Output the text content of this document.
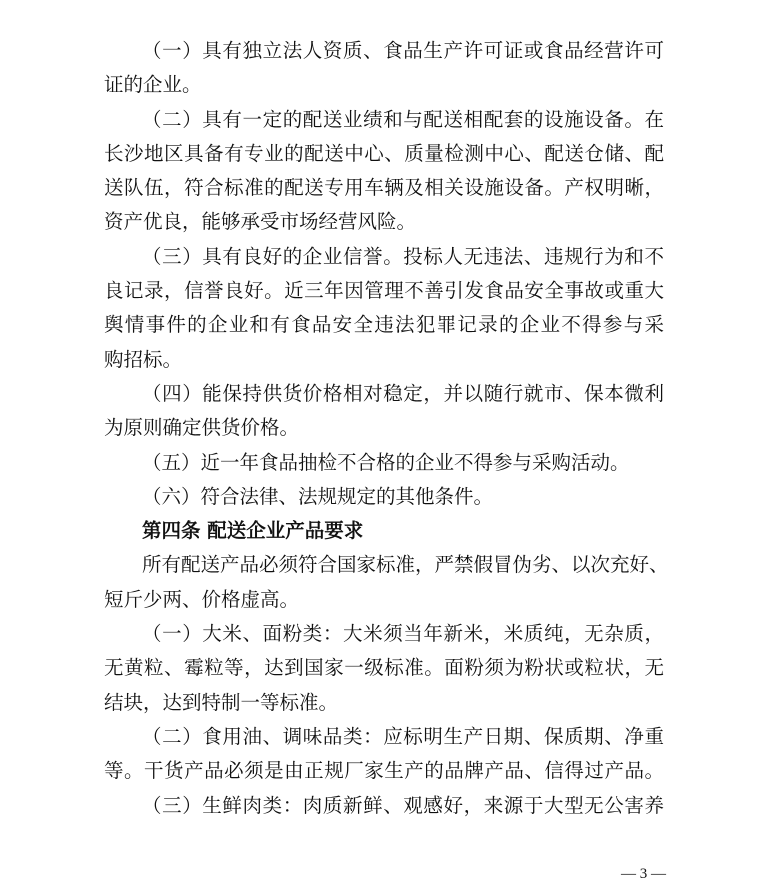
（一）具有独立法人资质、食品生产许可证或食品经营许可
证的企业。
（二）具有一定的配送业绩和与配送相配套的设施设备。在
长沙地区具备有专业的配送中心、质量检测中心、配送仓储、配
送队伍，符合标准的配送专用车辆及相关设施设备。产权明晰，
资产优良，能够承受市场经营风险。
（三）具有良好的企业信誉。投标人无违法、违规行为和不
良记录，信誉良好。近三年因管理不善引发食品安全事故或重大
舆情事件的企业和有食品安全违法犯罪记录的企业不得参与采
购招标。
（四）能保持供货价格相对稳定，并以随行就市、保本微利
为原则确定供货价格。
（五）近一年食品抽检不合格的企业不得参与采购活动。
（六）符合法律、法规规定的其他条件。
第四条 配送企业产品要求
所有配送产品必须符合国家标准，严禁假冒伪劣、以次充好、
短斤少两、价格虚高。
（一）大米、面粉类：大米须当年新米，米质纯，无杂质，
无黄粒、霉粒等，达到国家一级标准。面粉须为粉状或粒状，无
结块，达到特制一等标准。
（二）食用油、调味品类：应标明生产日期、保质期、净重
等。干货产品必须是由正规厂家生产的品牌产品、信得过产品。
（三）生鲜肉类：肉质新鲜、观感好，来源于大型无公害养
— 3 —
